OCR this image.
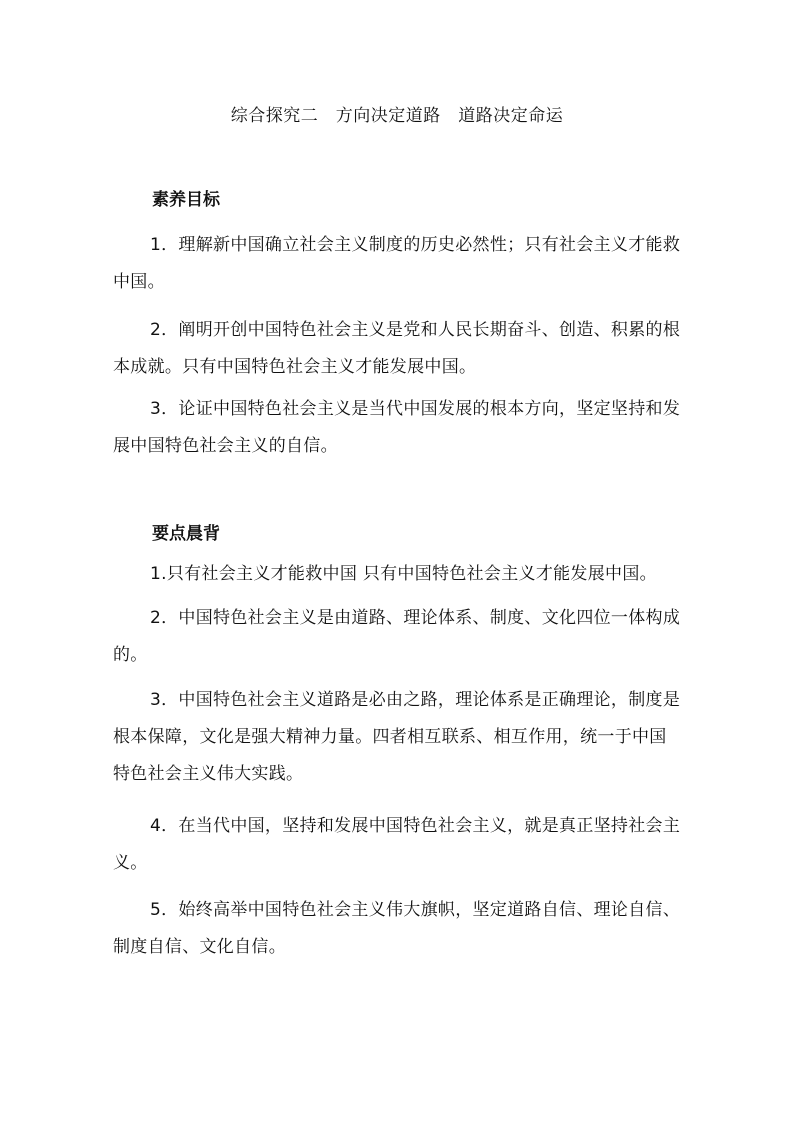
综合探究二　方向决定道路　道路决定命运
素养目标

1．理解新中国确立社会主义制度的历史必然性；只有社会主义才能救中国。

2．阐明开创中国特色社会主义是党和人民长期奋斗、创造、积累的根本成就。只有中国特色社会主义才能发展中国。

3．论证中国特色社会主义是当代中国发展的根本方向，坚定坚持和发展中国特色社会主义的自信。

要点晨背

1.只有社会主义才能救中国 只有中国特色社会主义才能发展中国。

2．中国特色社会主义是由道路、理论体系、制度、文化四位一体构成的。

3．中国特色社会主义道路是必由之路，理论体系是正确理论，制度是根本保障，文化是强大精神力量。四者相互联系、相互作用，统一于中国特色社会主义伟大实践。

4．在当代中国，坚持和发展中国特色社会主义，就是真正坚持社会主义。

5．始终高举中国特色社会主义伟大旗帜，坚定道路自信、理论自信、制度自信、文化自信。
